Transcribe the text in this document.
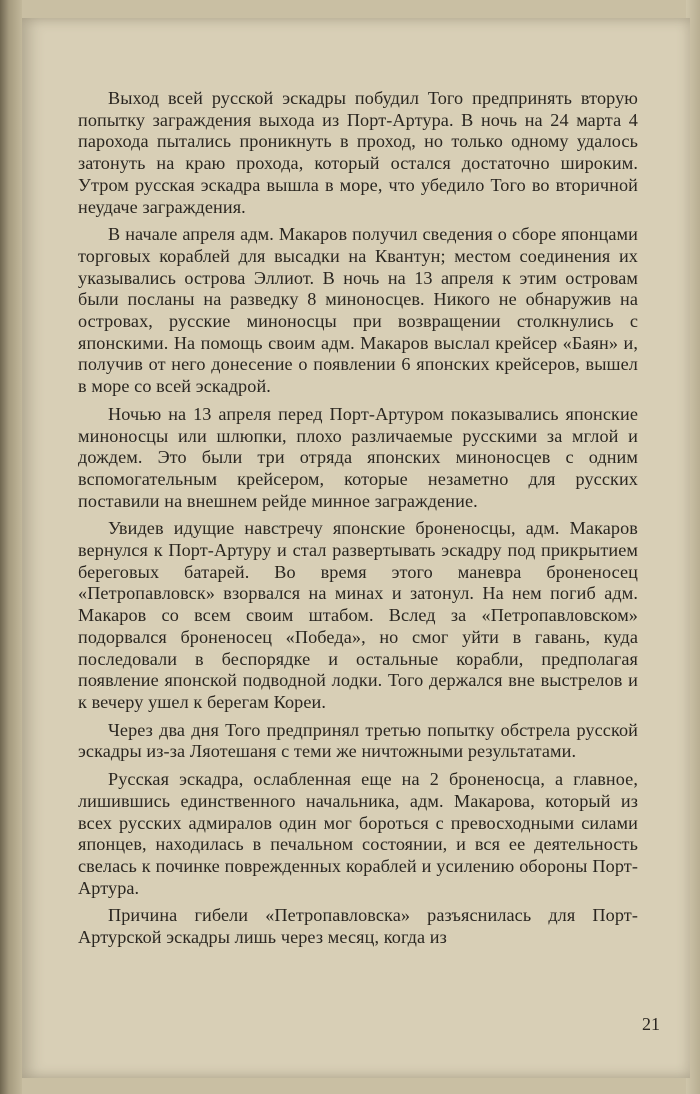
Выход всей русской эскадры побудил Того предпринять вторую попытку заграждения выхода из Порт-Артура. В ночь на 24 марта 4 парохода пытались проникнуть в проход, но только одному удалось затонуть на краю прохода, который остался достаточно широким. Утром русская эскадра вышла в море, что убедило Того во вторичной неудаче заграждения.

В начале апреля адм. Макаров получил сведения о сборе японцами торговых кораблей для высадки на Квантун; местом соединения их указывались острова Эллиот. В ночь на 13 апреля к этим островам были посланы на разведку 8 миноносцев. Никого не обнаружив на островах, русские миноносцы при возвращении столкнулись с японскими. На помощь своим адм. Макаров выслал крейсер «Баян» и, получив от него донесение о появлении 6 японских крейсеров, вышел в море со всей эскадрой.

Ночью на 13 апреля перед Порт-Артуром показывались японские миноносцы или шлюпки, плохо различаемые русскими за мглой и дождем. Это были три отряда японских миноносцев с одним вспомогательным крейсером, которые незаметно для русских поставили на внешнем рейде минное заграждение.

Увидев идущие навстречу японские броненосцы, адм. Макаров вернулся к Порт-Артуру и стал развертывать эскадру под прикрытием береговых батарей. Во время этого маневра броненосец «Петропавловск» взорвался на минах и затонул. На нем погиб адм. Макаров со всем своим штабом. Вслед за «Петропавловском» подорвался броненосец «Победа», но смог уйти в гавань, куда последовали в беспорядке и остальные корабли, предполагая появление японской подводной лодки. Того держался вне выстрелов и к вечеру ушел к берегам Кореи.

Через два дня Того предпринял третью попытку обстрела русской эскадры из-за Ляотешаня с теми же ничтожными результатами.

Русская эскадра, ослабленная еще на 2 броненосца, а главное, лишившись единственного начальника, адм. Макарова, который из всех русских адмиралов один мог бороться с превосходными силами японцев, находилась в печальном состоянии, и вся ее деятельность свелась к починке поврежденных кораблей и усилению обороны Порт-Артура.

Причина гибели «Петропавловска» разъяснилась для Порт-Артурской эскадры лишь через месяц, когда из

21
